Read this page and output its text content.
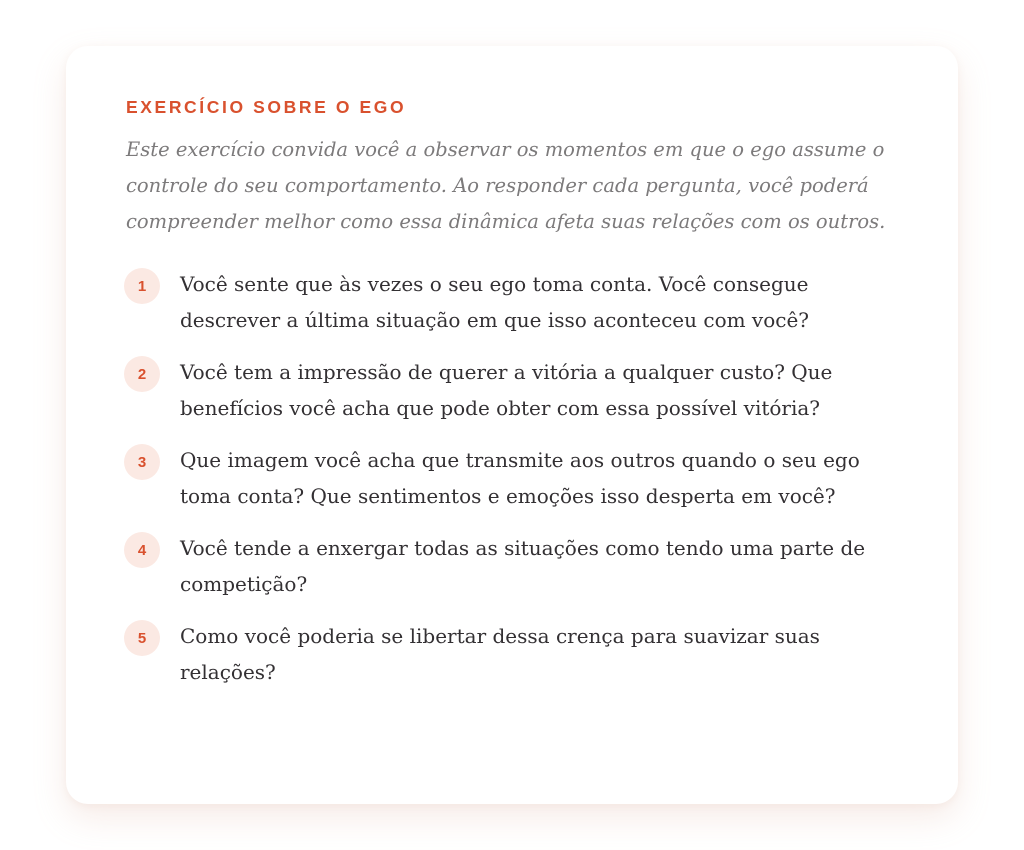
EXERCÍCIO SOBRE O EGO

Este exercício convida você a observar os momentos em que o ego assume o controle do seu comportamento. Ao responder cada pergunta, você poderá compreender melhor como essa dinâmica afeta suas relações com os outros.

1	Você sente que às vezes o seu ego toma conta. Você consegue descrever a última situação em que isso aconteceu com você?
2	Você tem a impressão de querer a vitória a qualquer custo? Que benefícios você acha que pode obter com essa possível vitória?
3	Que imagem você acha que transmite aos outros quando o seu ego toma conta? Que sentimentos e emoções isso desperta em você?
4	Você tende a enxergar todas as situações como tendo uma parte de competição?
5	Como você poderia se libertar dessa crença para suavizar suas relações?
